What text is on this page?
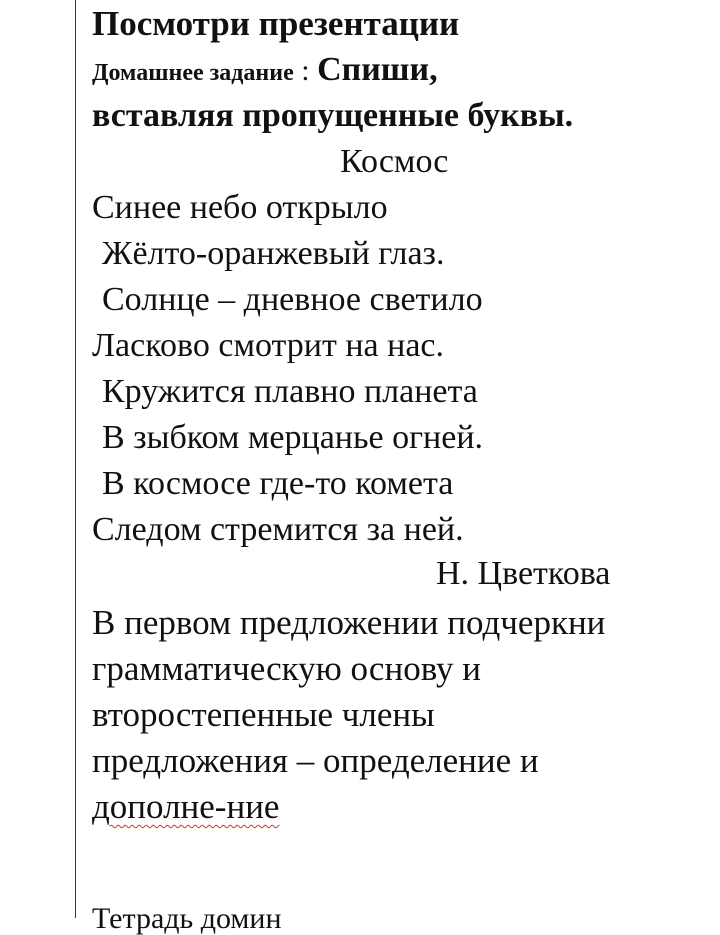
Посмотри презентации
Домашнее задание : Спиши,
вставляя пропущенные буквы.
Космос
Синее небо открыло
Жёлто-оранжевый глаз.
Солнце – дневное светило
Ласково смотрит на нас.
Кружится плавно планета
В зыбком мерцанье огней.
В космосе где-то комета
Следом стремится за ней.
Н. Цветкова
В первом предложении подчеркни
грамматическую основу и
второстепенные члены
предложения – определение и
дополне-ние
Тетрадь домин
